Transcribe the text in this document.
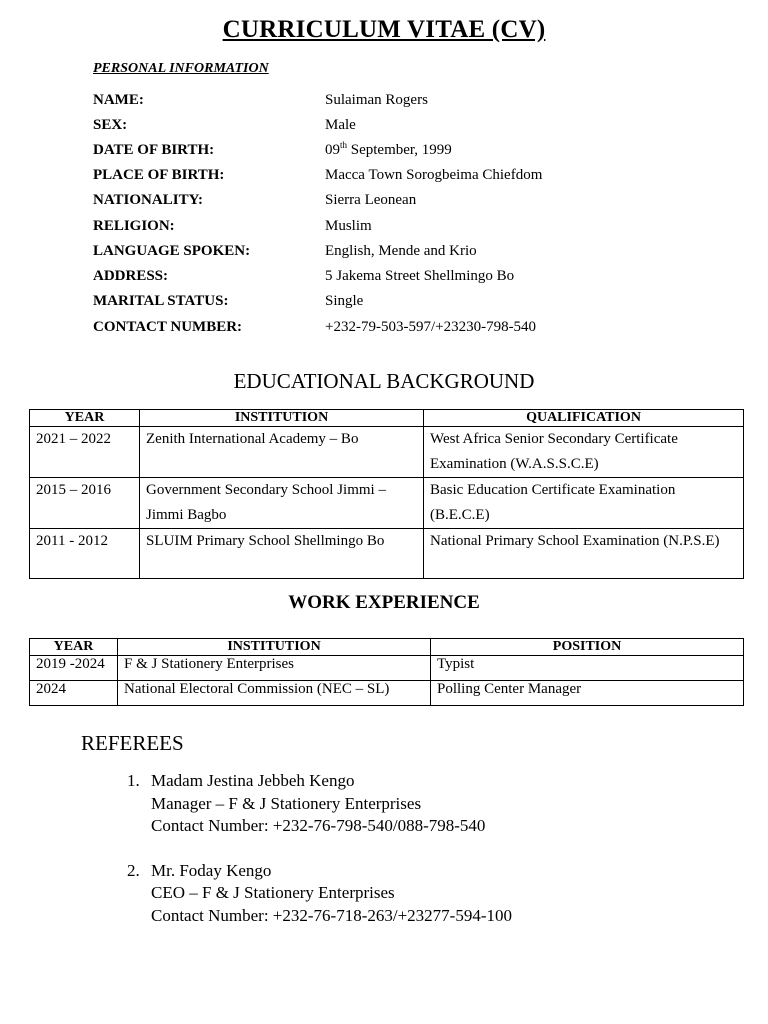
CURRICULUM VITAE (CV)
PERSONAL INFORMATION
NAME:	Sulaiman Rogers
SEX:	Male
DATE OF BIRTH:	09th September, 1999
PLACE OF BIRTH:	Macca Town Sorogbeima Chiefdom
NATIONALITY:	Sierra Leonean
RELIGION:	Muslim
LANGUAGE SPOKEN:	English, Mende and Krio
ADDRESS:	5 Jakema Street Shellmingo Bo
MARITAL STATUS:	Single
CONTACT NUMBER:	+232-79-503-597/+23230-798-540
EDUCATIONAL BACKGROUND
YEAR	INSTITUTION	QUALIFICATION
2021 – 2022	Zenith International Academy – Bo	West Africa Senior Secondary Certificate Examination (W.A.S.S.C.E)
2015 – 2016	Government Secondary School Jimmi – Jimmi Bagbo	Basic Education Certificate Examination (B.E.C.E)
2011 - 2012	SLUIM Primary School Shellmingo Bo	National Primary School Examination (N.P.S.E)
WORK EXPERIENCE
YEAR	INSTITUTION	POSITION
2019 -2024	F & J Stationery Enterprises	Typist
2024	National Electoral Commission (NEC – SL)	Polling Center Manager
REFEREES
1. Madam Jestina Jebbeh Kengo
Manager – F & J Stationery Enterprises
Contact Number: +232-76-798-540/088-798-540
2. Mr. Foday Kengo
CEO – F & J Stationery Enterprises
Contact Number: +232-76-718-263/+23277-594-100
